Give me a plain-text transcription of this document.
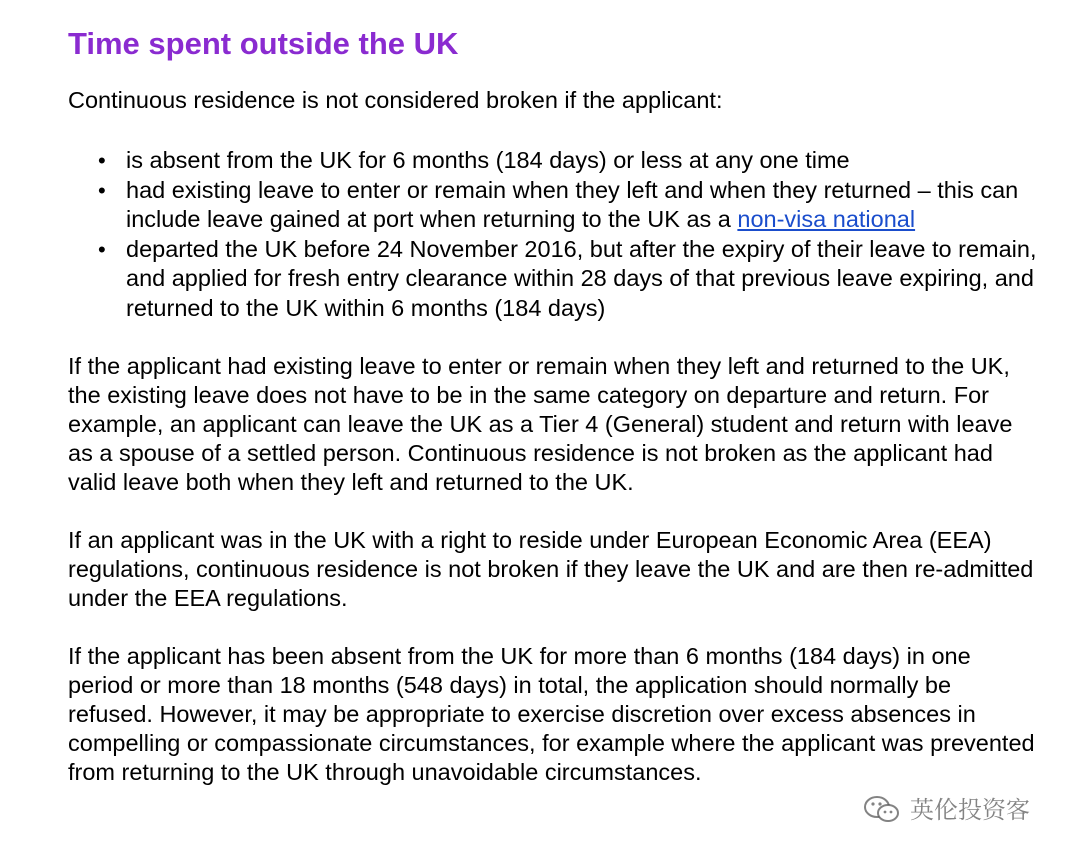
Time spent outside the UK

Continuous residence is not considered broken if the applicant:

• is absent from the UK for 6 months (184 days) or less at any one time
• had existing leave to enter or remain when they left and when they returned – this can include leave gained at port when returning to the UK as a non-visa national
• departed the UK before 24 November 2016, but after the expiry of their leave to remain, and applied for fresh entry clearance within 28 days of that previous leave expiring, and returned to the UK within 6 months (184 days)

If the applicant had existing leave to enter or remain when they left and returned to the UK, the existing leave does not have to be in the same category on departure and return. For example, an applicant can leave the UK as a Tier 4 (General) student and return with leave as a spouse of a settled person. Continuous residence is not broken as the applicant had valid leave both when they left and returned to the UK.

If an applicant was in the UK with a right to reside under European Economic Area (EEA) regulations, continuous residence is not broken if they leave the UK and are then re-admitted under the EEA regulations.

If the applicant has been absent from the UK for more than 6 months (184 days) in one period or more than 18 months (548 days) in total, the application should normally be refused. However, it may be appropriate to exercise discretion over excess absences in compelling or compassionate circumstances, for example where the applicant was prevented from returning to the UK through unavoidable circumstances.

英伦投资客
